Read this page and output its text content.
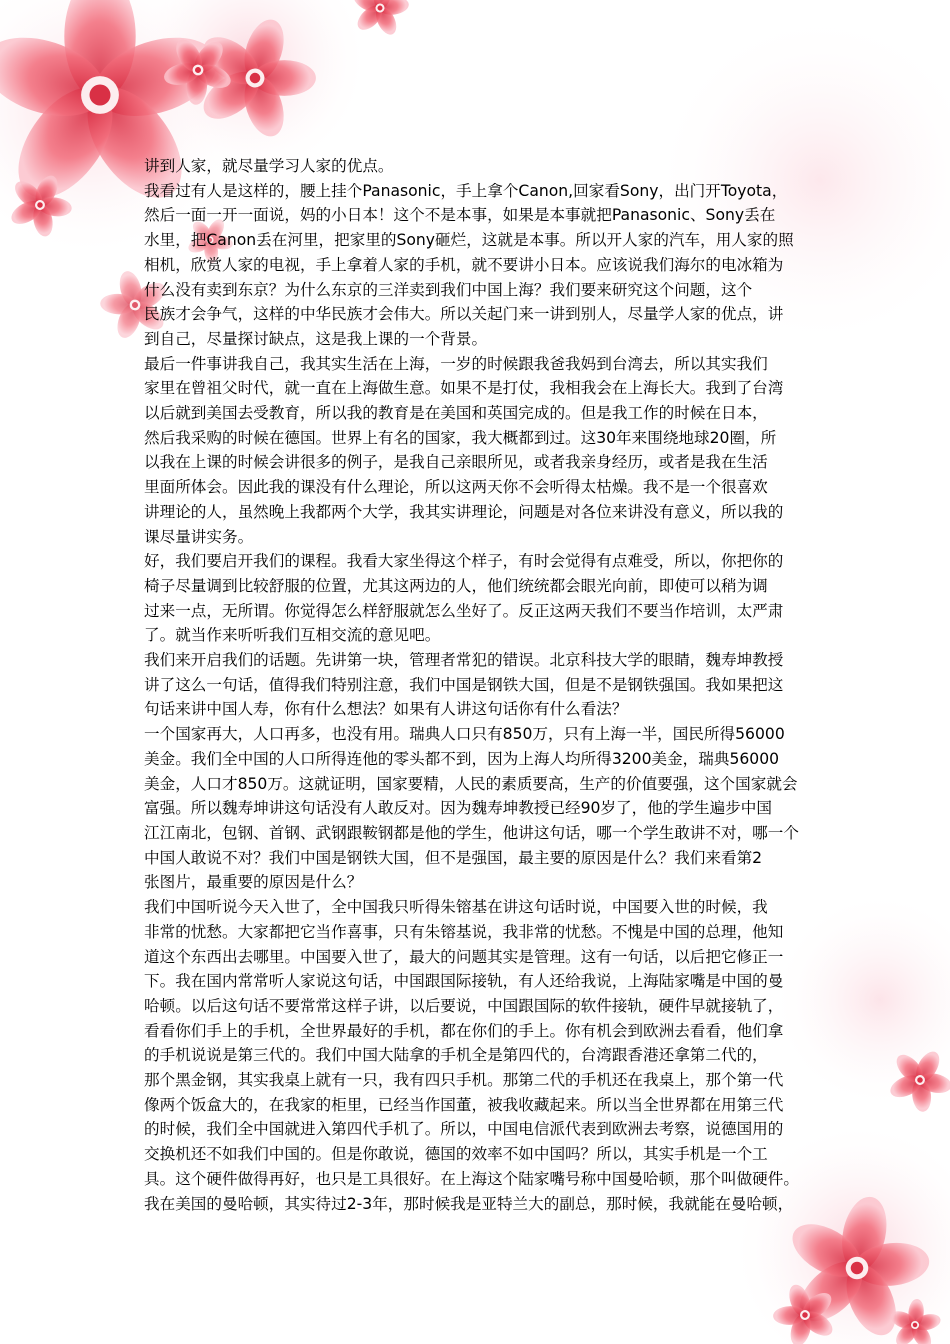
讲到人家，就尽量学习人家的优点。
我看过有人是这样的，腰上挂个Panasonic，手上拿个Canon,回家看Sony，出门开Toyota，
然后一面一开一面说，妈的小日本！这个不是本事，如果是本事就把Panasonic、Sony丢在
水里，把Canon丢在河里，把家里的Sony砸烂，这就是本事。所以开人家的汽车，用人家的照
相机，欣赏人家的电视，手上拿着人家的手机，就不要讲小日本。应该说我们海尔的电冰箱为
什么没有卖到东京？为什么东京的三洋卖到我们中国上海？我们要来研究这个问题，这个
民族才会争气，这样的中华民族才会伟大。所以关起门来一讲到别人，尽量学人家的优点，讲
到自己，尽量探讨缺点，这是我上课的一个背景。
最后一件事讲我自己，我其实生活在上海，一岁的时候跟我爸我妈到台湾去，所以其实我们
家里在曾祖父时代，就一直在上海做生意。如果不是打仗，我相我会在上海长大。我到了台湾
以后就到美国去受教育，所以我的教育是在美国和英国完成的。但是我工作的时候在日本，
然后我采购的时候在德国。世界上有名的国家，我大概都到过。这30年来围绕地球20圈，所
以我在上课的时候会讲很多的例子，是我自己亲眼所见，或者我亲身经历，或者是我在生活
里面所体会。因此我的课没有什么理论，所以这两天你不会听得太枯燥。我不是一个很喜欢
讲理论的人，虽然晚上我都两个大学，我其实讲理论，问题是对各位来讲没有意义，所以我的
课尽量讲实务。
好，我们要启开我们的课程。我看大家坐得这个样子，有时会觉得有点难受，所以，你把你的
椅子尽量调到比较舒服的位置，尤其这两边的人，他们统统都会眼光向前，即使可以稍为调
过来一点，无所谓。你觉得怎么样舒服就怎么坐好了。反正这两天我们不要当作培训，太严肃
了。就当作来听听我们互相交流的意见吧。
我们来开启我们的话题。先讲第一块，管理者常犯的错误。北京科技大学的眼睛，魏寿坤教授
讲了这么一句话，值得我们特别注意，我们中国是钢铁大国，但是不是钢铁强国。我如果把这
句话来讲中国人寿，你有什么想法？如果有人讲这句话你有什么看法？
一个国家再大，人口再多，也没有用。瑞典人口只有850万，只有上海一半，国民所得56000
美金。我们全中国的人口所得连他的零头都不到，因为上海人均所得3200美金，瑞典56000
美金，人口才850万。这就证明，国家要精，人民的素质要高，生产的价值要强，这个国家就会
富强。所以魏寿坤讲这句话没有人敢反对。因为魏寿坤教授已经90岁了，他的学生遍步中国
江江南北，包钢、首钢、武钢跟鞍钢都是他的学生，他讲这句话，哪一个学生敢讲不对，哪一个
中国人敢说不对？我们中国是钢铁大国，但不是强国，最主要的原因是什么？我们来看第2
张图片，最重要的原因是什么？
我们中国听说今天入世了，全中国我只听得朱镕基在讲这句话时说，中国要入世的时候，我
非常的忧愁。大家都把它当作喜事，只有朱镕基说，我非常的忧愁。不愧是中国的总理，他知
道这个东西出去哪里。中国要入世了，最大的问题其实是管理。这有一句话，以后把它修正一
下。我在国内常常听人家说这句话，中国跟国际接轨，有人还给我说，上海陆家嘴是中国的曼
哈顿。以后这句话不要常常这样子讲，以后要说，中国跟国际的软件接轨，硬件早就接轨了，
看看你们手上的手机，全世界最好的手机，都在你们的手上。你有机会到欧洲去看看，他们拿
的手机说说是第三代的。我们中国大陆拿的手机全是第四代的，台湾跟香港还拿第二代的，
那个黑金钢，其实我桌上就有一只，我有四只手机。那第二代的手机还在我桌上，那个第一代
像两个饭盒大的，在我家的柜里，已经当作国董，被我收藏起来。所以当全世界都在用第三代
的时候，我们全中国就进入第四代手机了。所以，中国电信派代表到欧洲去考察，说德国用的
交换机还不如我们中国的。但是你敢说，德国的效率不如中国吗？所以，其实手机是一个工
具。这个硬件做得再好，也只是工具很好。在上海这个陆家嘴号称中国曼哈顿，那个叫做硬件。
我在美国的曼哈顿，其实待过2-3年，那时候我是亚特兰大的副总，那时候，我就能在曼哈顿，
